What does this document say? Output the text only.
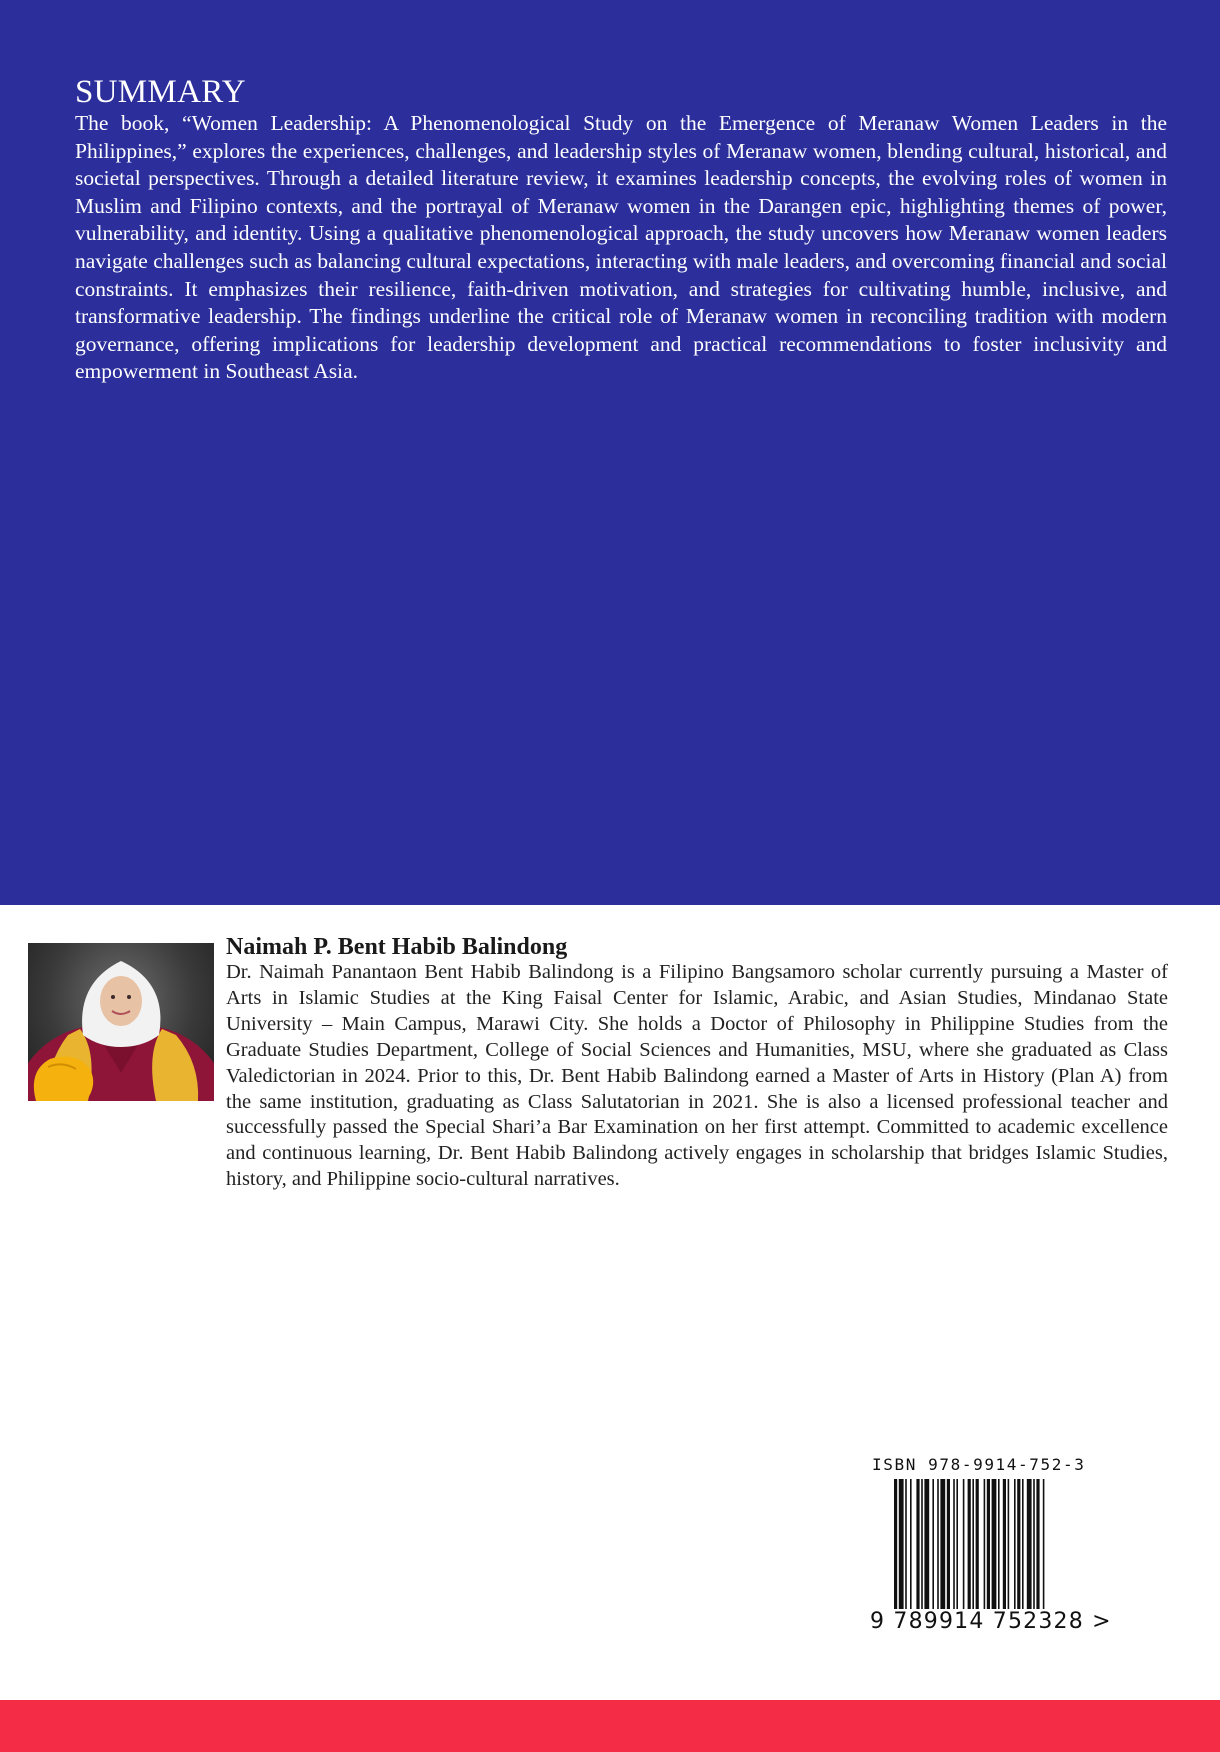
SUMMARY

The book, “Women Leadership: A Phenomenological Study on the Emergence of Meranaw Women Leaders in the Philippines,” explores the experiences, challenges, and leadership styles of Meranaw women, blending cultural, historical, and societal perspectives. Through a detailed literature review, it examines leadership concepts, the evolving roles of women in Muslim and Filipino contexts, and the portrayal of Meranaw women in the Darangen epic, highlighting themes of power, vulnerability, and identity. Using a qualitative phenomenological approach, the study uncovers how Meranaw women leaders navigate challenges such as balancing cultural expectations, interacting with male leaders, and overcoming financial and social constraints. It emphasizes their resilience, faith-driven motivation, and strategies for cultivating humble, inclusive, and transformative leadership. The findings underline the critical role of Meranaw women in reconciling tradition with modern governance, offering implications for leadership development and practical recommendations to foster inclusivity and empowerment in Southeast Asia.

Naimah P. Bent Habib Balindong

Dr. Naimah Panantaon Bent Habib Balindong is a Filipino Bangsamoro scholar currently pursuing a Master of Arts in Islamic Studies at the King Faisal Center for Islamic, Arabic, and Asian Studies, Mindanao State University – Main Campus, Marawi City. She holds a Doctor of Philosophy in Philippine Studies from the Graduate Studies Department, College of Social Sciences and Humanities, MSU, where she graduated as Class Valedictorian in 2024. Prior to this, Dr. Bent Habib Balindong earned a Master of Arts in History (Plan A) from the same institution, graduating as Class Salutatorian in 2021. She is also a licensed professional teacher and successfully passed the Special Shari’a Bar Examination on her first attempt. Committed to academic excellence and continuous learning, Dr. Bent Habib Balindong actively engages in scholarship that bridges Islamic Studies, history, and Philippine socio-cultural narratives.

ISBN 978-9914-752-3
9 789914 752328 >
